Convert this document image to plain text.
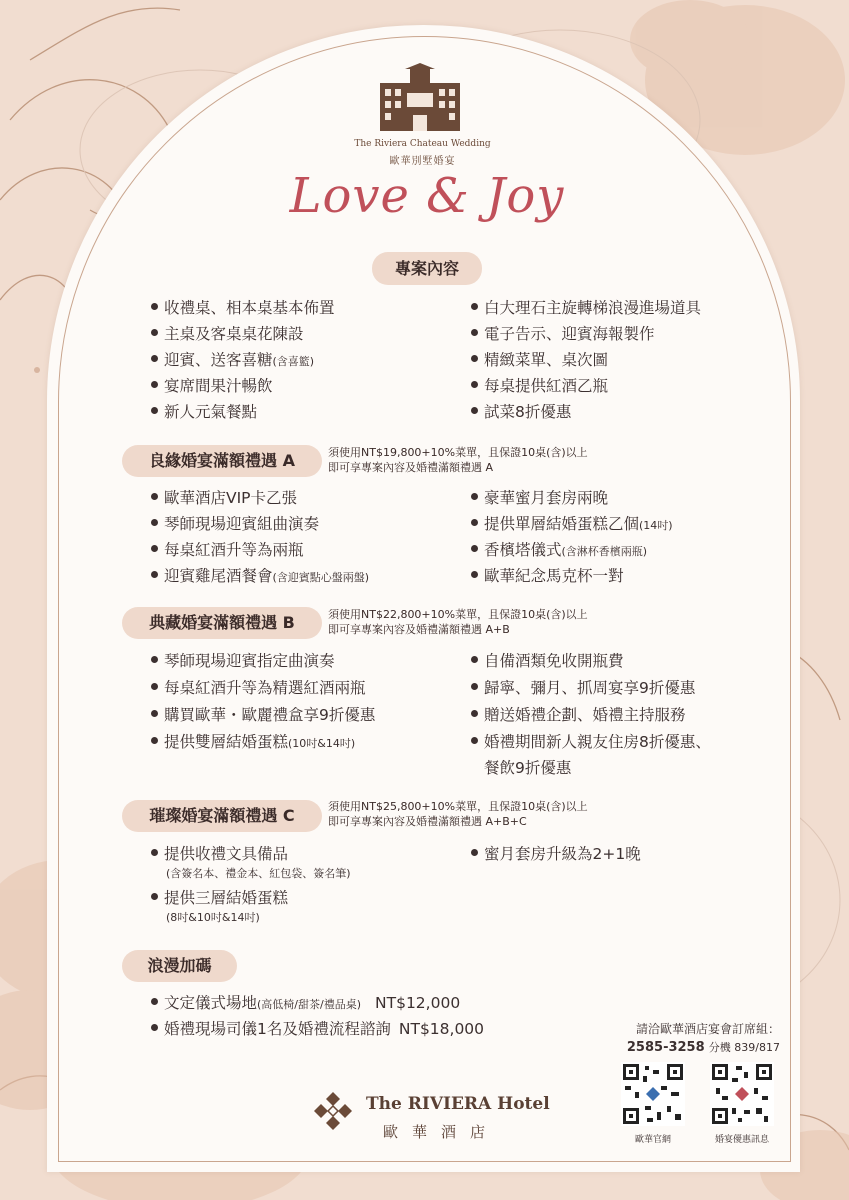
The Riviera Chateau Wedding
歐華別墅婚宴
Love & Joy
專案內容
收禮桌、相本桌基本佈置
主桌及客桌桌花陳設
迎賓、送客喜糖(含喜籃)
宴席間果汁暢飲
新人元氣餐點
白大理石主旋轉梯浪漫進場道具
電子告示、迎賓海報製作
精緻菜單、桌次圖
每桌提供紅酒乙瓶
試菜8折優惠
良緣婚宴滿額禮遇 A	須使用NT$19,800+10%菜單，且保證10桌(含)以上
即可享專案內容及婚禮滿額禮遇 A
歐華酒店VIP卡乙張
琴師現場迎賓組曲演奏
每桌紅酒升等為兩瓶
迎賓雞尾酒餐會(含迎賓點心盤兩盤)
豪華蜜月套房兩晚
提供單層結婚蛋糕乙個(14吋)
香檳塔儀式(含淋杯香檳兩瓶)
歐華紀念馬克杯一對
典藏婚宴滿額禮遇 B	須使用NT$22,800+10%菜單，且保證10桌(含)以上
即可享專案內容及婚禮滿額禮遇 A+B
琴師現場迎賓指定曲演奏
每桌紅酒升等為精選紅酒兩瓶
購買歐華・歐麗禮盒享9折優惠
提供雙層結婚蛋糕(10吋&14吋)
自備酒類免收開瓶費
歸寧、彌月、抓周宴享9折優惠
贈送婚禮企劃、婚禮主持服務
婚禮期間新人親友住房8折優惠、
餐飲9折優惠
璀璨婚宴滿額禮遇 C	須使用NT$25,800+10%菜單，且保證10桌(含)以上
即可享專案內容及婚禮滿額禮遇 A+B+C
提供收禮文具備品
(含簽名本、禮金本、紅包袋、簽名筆)
提供三層結婚蛋糕
(8吋&10吋&14吋)
蜜月套房升級為2+1晚
浪漫加碼
文定儀式場地(高低椅/甜茶/禮品桌) NT$12,000
婚禮現場司儀1名及婚禮流程諮詢 NT$18,000	請洽歐華酒店宴會訂席組：
2585-3258 分機 839/817
歐華官網	婚宴優惠訊息
The RIVIERA Hotel
歐華酒店
